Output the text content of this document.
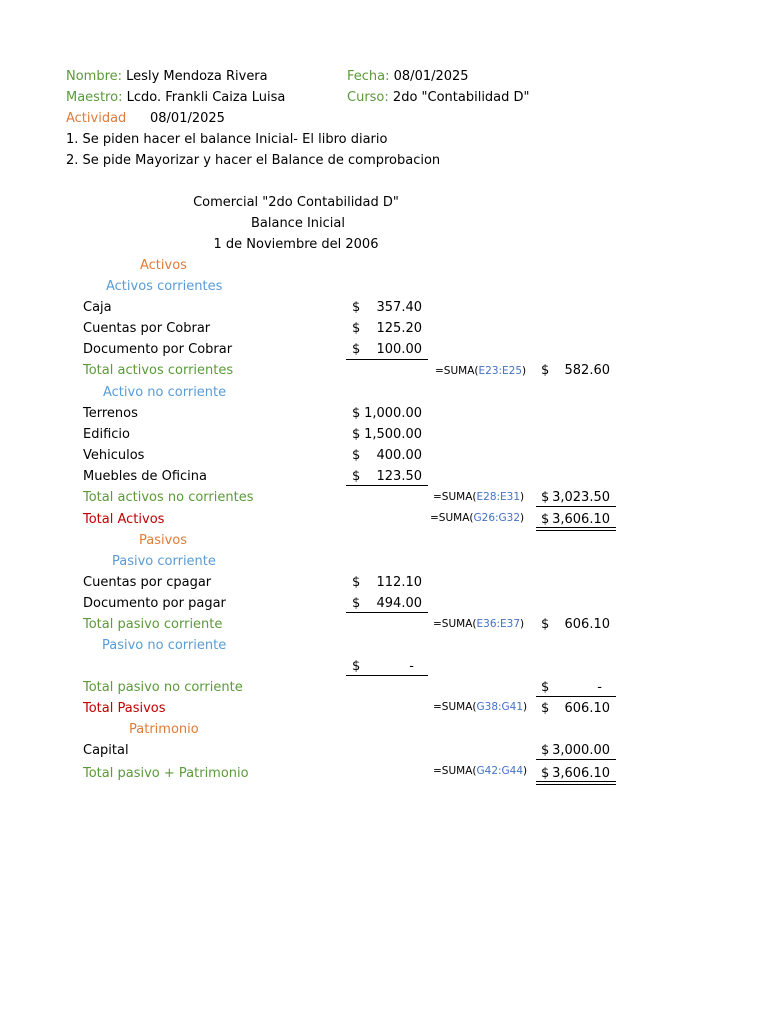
Nombre: Lesly Mendoza Rivera	Fecha: 08/01/2025
Maestro: Lcdo. Frankli Caiza Luisa	Curso: 2do "Contabilidad D"
Actividad 08/01/2025
1. Se piden hacer el balance Inicial- El libro diario
2. Se pide Mayorizar y hacer el Balance de comprobacion
Comercial "2do Contabilidad D"
Balance Inicial
1 de Noviembre del 2006
Activos
Activos corrientes
Caja	$	357.40
Cuentas por Cobrar	$	125.20
Documento por Cobrar	$	100.00
Total activos corrientes	=SUMA(E23:E25) $	582.60
Activo no corriente
Terrenos	$ 1,000.00
Edificio	$ 1,500.00
Vehiculos	$	400.00
Muebles de Oficina	$	123.50
Total activos no corrientes	=SUMA(E28:E31) $ 3,023.50
Total Activos	=SUMA(G26:G32) $ 3,606.10
Pasivos
Pasivo corriente
Cuentas por cpagar	$	112.10
Documento por pagar	$	494.00
Total pasivo corriente	=SUMA(E36:E37) $	606.10
Pasivo no corriente
$	-
Total pasivo no corriente	$	-
Total Pasivos	=SUMA(G38:G41) $	606.10
Patrimonio
Capital	$ 3,000.00
Total pasivo + Patrimonio	=SUMA(G42:G44) $ 3,606.10
